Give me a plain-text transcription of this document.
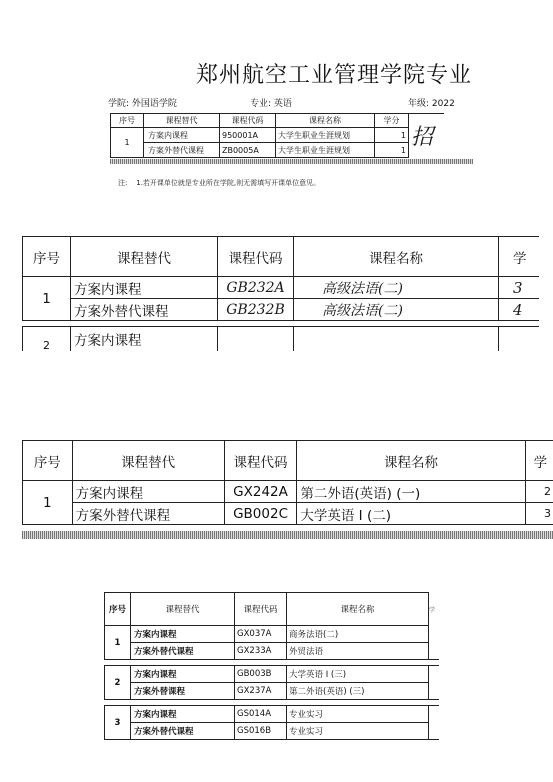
郑州航空工业管理学院专业
学院: 外国语学院	专业: 英语	年级: 2022
序号	课程替代	课程代码	课程名称	学分	招
1	方案内课程	950001A	大学生职业生涯规划	1	
	方案外替代课程	ZB0005A	大学生职业生涯规划	1	
注:    1.若开课单位就是专业所在学院,则无需填写开课单位意见。
序号	课程替代	课程代码	课程名称	学
1	方案内课程	GB232A	高级法语(二)	3
	方案外替代课程	GB232B	高级法语(二)	4

2	方案内课程			
序号	课程替代	课程代码	课程名称	学
1	方案内课程	GX242A	第二外语(英语) (一)	2
	方案外替代课程	GB002C	大学英语 I (二)	3
序号	课程替代	课程代码	课程名称	学
1	方案内课程	GX037A	商务法语(二)	
	方案外替代课程	GX233A	外贸法语	

2	方案内课程	GB003B	大学英语 I (三)	
	方案外替课程	GX237A	第二外语(英语) (三)	

3	方案内课程	GS014A	专业实习	
	方案外替代课程	GS016B	专业实习	
